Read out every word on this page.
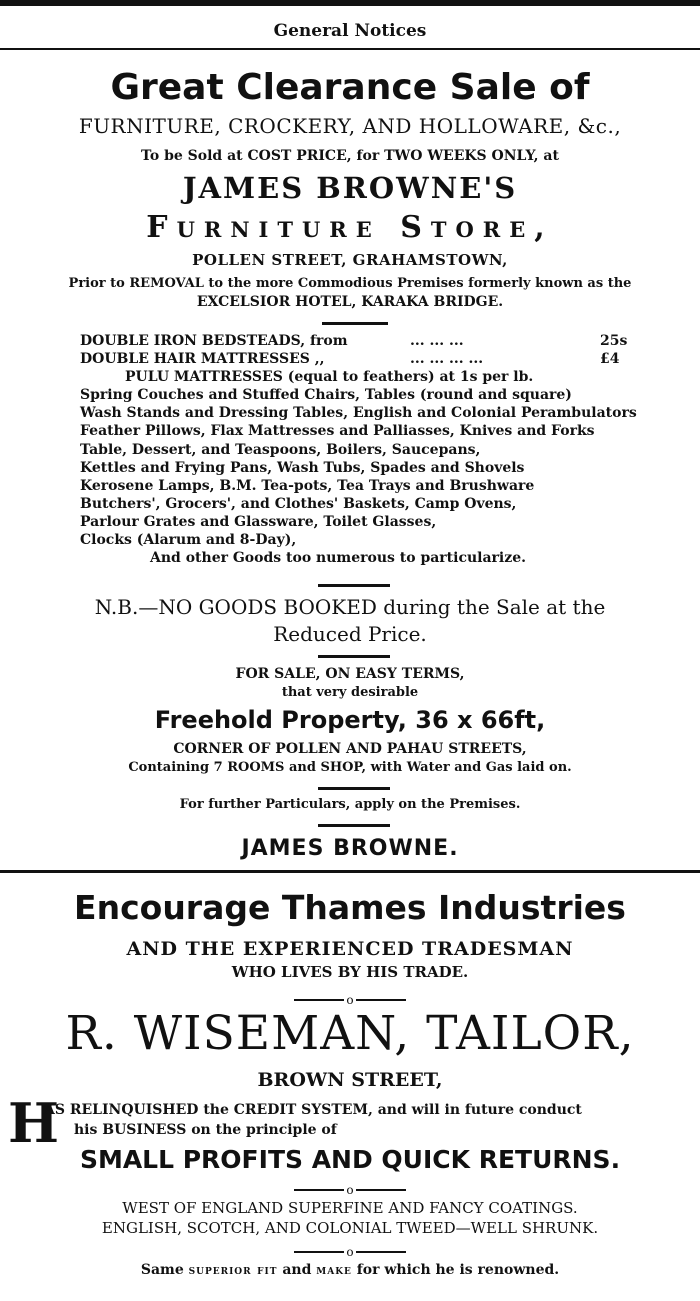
General Notices
Great Clearance Sale of
FURNITURE, CROCKERY, AND HOLLOWARE, &c.,
To be Sold at COST PRICE, for TWO WEEKS ONLY, at
JAMES BROWNE'S
Furniture Store,
POLLEN STREET, GRAHAMSTOWN,
Prior to REMOVAL to the more Commodious Premises formerly known as the
EXCELSIOR HOTEL, KARAKA BRIDGE.
DOUBLE IRON BEDSTEADS, from	... ... ...	25s
DOUBLE HAIR MATTRESSES ,,	... ... ... ...	£4
PULU MATTRESSES (equal to feathers) at 1s per lb.
Spring Couches and Stuffed Chairs, Tables (round and square)
Wash Stands and Dressing Tables, English and Colonial Perambulators
Feather Pillows, Flax Mattresses and Palliasses, Knives and Forks
Table, Dessert, and Teaspoons, Boilers, Saucepans,
Kettles and Frying Pans, Wash Tubs, Spades and Shovels
Kerosene Lamps, B.M. Tea-pots, Tea Trays and Brushware
Butchers', Grocers', and Clothes' Baskets, Camp Ovens,
Parlour Grates and Glassware, Toilet Glasses,
Clocks (Alarum and 8-Day),
And other Goods too numerous to particularize.
N.B.—NO GOODS BOOKED during the Sale at the
Reduced Price.
FOR SALE, ON EASY TERMS,
that very desirable
Freehold Property, 36 x 66ft,
CORNER OF POLLEN AND PAHAU STREETS,
Containing 7 ROOMS and SHOP, with Water and Gas laid on.
For further Particulars, apply on the Premises.
JAMES BROWNE.
Encourage Thames Industries
AND THE EXPERIENCED TRADESMAN
WHO LIVES BY HIS TRADE.
o
R. WISEMAN, TAILOR,
BROWN STREET,
H
AS RELINQUISHED the CREDIT SYSTEM, and will in future conduct
his BUSINESS on the principle of
SMALL PROFITS AND QUICK RETURNS.
o
WEST OF ENGLAND SUPERFINE AND FANCY COATINGS.
ENGLISH, SCOTCH, AND COLONIAL TWEED—WELL SHRUNK.
o
Same superior fit and make for which he is renowned.
